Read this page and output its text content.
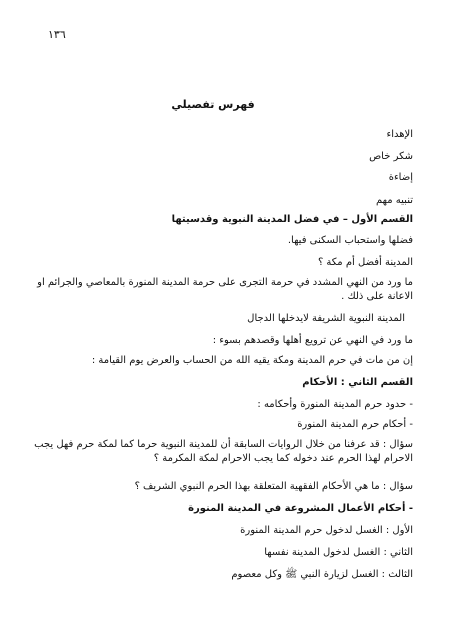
١٣٦
فهرس تفصيلي
الإهداء
شكر خاص
إضاءة
تنبيه مهم
القسم الأول – في فضل المدينة النبوية وقدسيتها
فضلها واستحباب السكنى فيها.
المدينة أفضل أم مكة ؟
ما ورد من النهي المشدد في حرمة التجرى على حرمة المدينة المنورة بالمعاصي والجرائم او الاعانة على ذلك .
المدينة النبوية الشريفة لايدخلها الدجال
ما ورد في النهي عن ترويع أهلها وقصدهم بسوء :
إن من مات في حرم المدينة ومكة يقيه الله من الحساب والعرض يوم القيامة :
القسم الثاني : الأحكام
- حدود حرم المدينة المنورة وأحكامه :
- أحكام حرم المدينة المنورة
سؤال : قد عرفنا من خلال الروايات السابقة أن للمدينة النبوية حرما كما لمكة حرم فهل يجب الاحرام لهذا الحرم عند دخوله كما يجب الاحرام لمكة المكرمة ؟
سؤال : ما هي الأحكام الفقهية المتعلقة بهذا الحرم النبوي الشريف ؟
- أحكام الأعمال المشروعة في المدينة المنورة
الأول : الغسل لدخول حرم المدينة المنورة
الثاني : الغسل لدخول المدينة نفسها
الثالث : الغسل لزيارة النبي ﷺ وكل معصوم
